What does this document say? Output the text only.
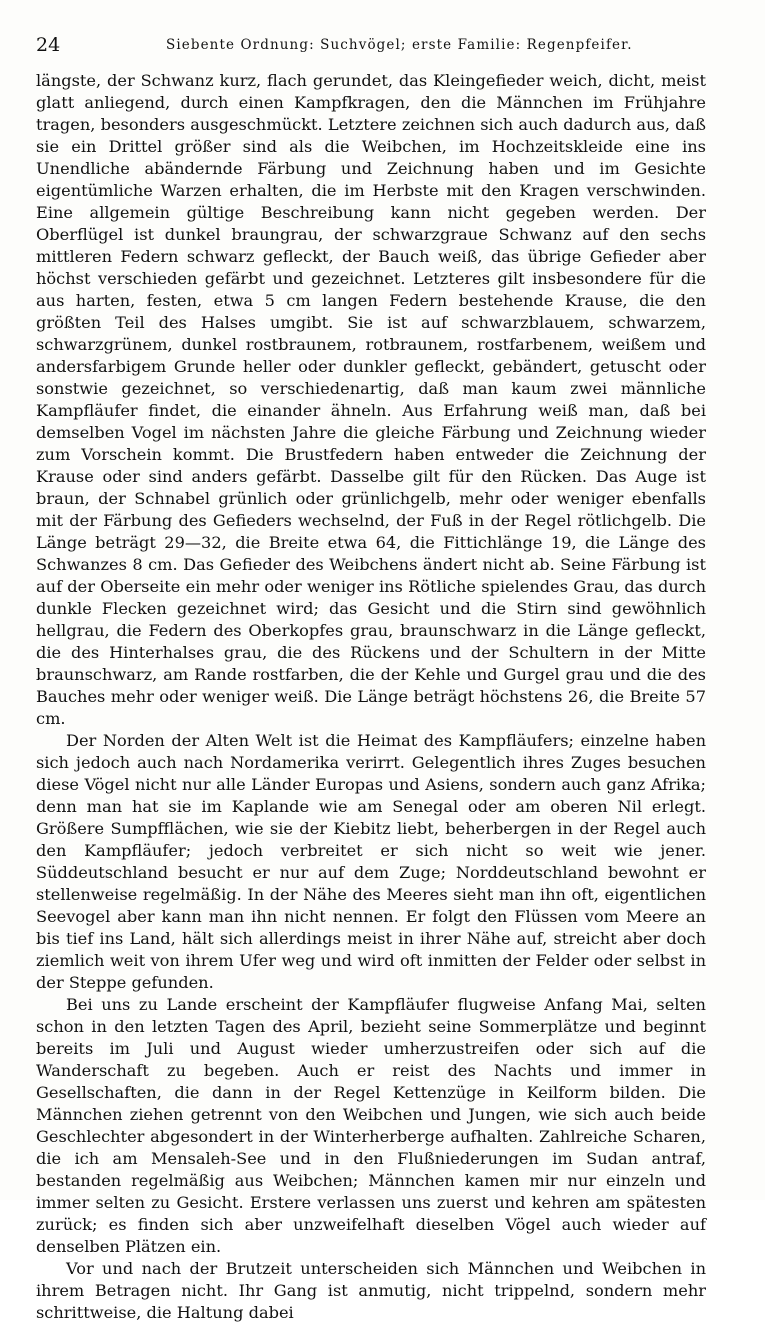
24	Siebente Ordnung: Suchvögel; erste Familie: Regenpfeifer.

längste, der Schwanz kurz, flach gerundet, das Kleingefieder weich, dicht, meist glatt anliegend, durch einen Kampfkragen, den die Männchen im Frühjahre tragen, besonders ausgeschmückt. Letztere zeichnen sich auch dadurch aus, daß sie ein Drittel größer sind als die Weibchen, im Hochzeitskleide eine ins Unendliche abändernde Färbung und Zeichnung haben und im Gesichte eigentümliche Warzen erhalten, die im Herbste mit den Kragen verschwinden. Eine allgemein gültige Beschreibung kann nicht gegeben werden. Der Oberflügel ist dunkel braungrau, der schwarzgraue Schwanz auf den sechs mittleren Federn schwarz gefleckt, der Bauch weiß, das übrige Gefieder aber höchst verschieden gefärbt und gezeichnet. Letzteres gilt insbesondere für die aus harten, festen, etwa 5 cm langen Federn bestehende Krause, die den größten Teil des Halses umgibt. Sie ist auf schwarzblauem, schwarzem, schwarzgrünem, dunkel rostbraunem, rotbraunem, rostfarbenem, weißem und andersfarbigem Grunde heller oder dunkler gefleckt, gebändert, getuscht oder sonstwie gezeichnet, so verschiedenartig, daß man kaum zwei männliche Kampfläufer findet, die einander ähneln. Aus Erfahrung weiß man, daß bei demselben Vogel im nächsten Jahre die gleiche Färbung und Zeichnung wieder zum Vorschein kommt. Die Brustfedern haben entweder die Zeichnung der Krause oder sind anders gefärbt. Dasselbe gilt für den Rücken. Das Auge ist braun, der Schnabel grünlich oder grünlichgelb, mehr oder weniger ebenfalls mit der Färbung des Gefieders wechselnd, der Fuß in der Regel rötlichgelb. Die Länge beträgt 29—32, die Breite etwa 64, die Fittichlänge 19, die Länge des Schwanzes 8 cm. Das Gefieder des Weibchens ändert nicht ab. Seine Färbung ist auf der Oberseite ein mehr oder weniger ins Rötliche spielendes Grau, das durch dunkle Flecken gezeichnet wird; das Gesicht und die Stirn sind gewöhnlich hellgrau, die Federn des Oberkopfes grau, braunschwarz in die Länge gefleckt, die des Hinterhalses grau, die des Rückens und der Schultern in der Mitte braunschwarz, am Rande rostfarben, die der Kehle und Gurgel grau und die des Bauches mehr oder weniger weiß. Die Länge beträgt höchstens 26, die Breite 57 cm.

Der Norden der Alten Welt ist die Heimat des Kampfläufers; einzelne haben sich jedoch auch nach Nordamerika verirrt. Gelegentlich ihres Zuges besuchen diese Vögel nicht nur alle Länder Europas und Asiens, sondern auch ganz Afrika; denn man hat sie im Kaplande wie am Senegal oder am oberen Nil erlegt. Größere Sumpfflächen, wie sie der Kiebitz liebt, beherbergen in der Regel auch den Kampfläufer; jedoch verbreitet er sich nicht so weit wie jener. Süddeutschland besucht er nur auf dem Zuge; Norddeutschland bewohnt er stellenweise regelmäßig. In der Nähe des Meeres sieht man ihn oft, eigentlichen Seevogel aber kann man ihn nicht nennen. Er folgt den Flüssen vom Meere an bis tief ins Land, hält sich allerdings meist in ihrer Nähe auf, streicht aber doch ziemlich weit von ihrem Ufer weg und wird oft inmitten der Felder oder selbst in der Steppe gefunden.

Bei uns zu Lande erscheint der Kampfläufer flugweise Anfang Mai, selten schon in den letzten Tagen des April, bezieht seine Sommerplätze und beginnt bereits im Juli und August wieder umherzustreifen oder sich auf die Wanderschaft zu begeben. Auch er reist des Nachts und immer in Gesellschaften, die dann in der Regel Kettenzüge in Keilform bilden. Die Männchen ziehen getrennt von den Weibchen und Jungen, wie sich auch beide Geschlechter abgesondert in der Winterherberge aufhalten. Zahlreiche Scharen, die ich am Mensaleh-See und in den Flußniederungen im Sudan antraf, bestanden regelmäßig aus Weibchen; Männchen kamen mir nur einzeln und immer selten zu Gesicht. Erstere verlassen uns zuerst und kehren am spätesten zurück; es finden sich aber unzweifelhaft dieselben Vögel auch wieder auf denselben Plätzen ein.

Vor und nach der Brutzeit unterscheiden sich Männchen und Weibchen in ihrem Betragen nicht. Ihr Gang ist anmutig, nicht trippelnd, sondern mehr schrittweise, die Haltung dabei
